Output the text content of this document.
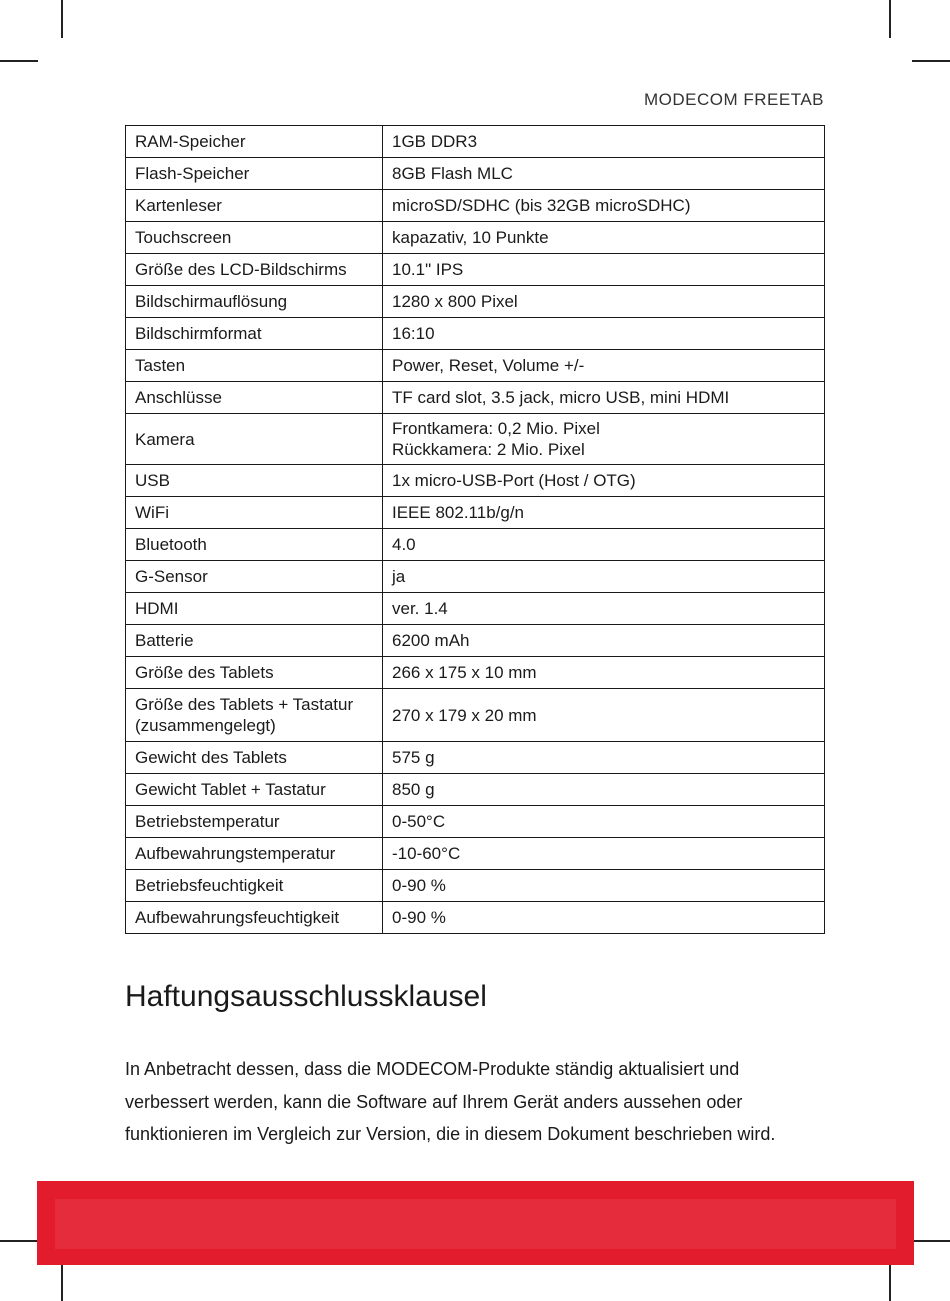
MODECOM FREETAB
RAM-Speicher	1GB DDR3
Flash-Speicher	8GB Flash MLC
Kartenleser	microSD/SDHC (bis 32GB microSDHC)
Touchscreen	kapazativ, 10 Punkte
Größe des LCD-Bildschirms	10.1" IPS
Bildschirmauflösung	1280 x 800 Pixel
Bildschirmformat	16:10
Tasten	Power, Reset, Volume +/-
Anschlüsse	TF card slot, 3.5 jack, micro USB, mini HDMI
Kamera	Frontkamera: 0,2 Mio. Pixel
Rückkamera: 2 Mio. Pixel

USB	1x micro-USB-Port (Host / OTG)
WiFi	IEEE 802.11b/g/n
Bluetooth	4.0
G-Sensor	ja
HDMI	ver. 1.4
Batterie	6200 mAh
Größe des Tablets	266 x 175 x 10 mm
Größe des Tablets + Tastatur (zusammengelegt)	270 x 179 x 20 mm
Gewicht des Tablets	575 g
Gewicht Tablet + Tastatur	850 g
Betriebstemperatur	0-50°C
Aufbewahrungstemperatur	-10-60°C
Betriebsfeuchtigkeit	0-90 %
Aufbewahrungsfeuchtigkeit	0-90 %
Haftungsausschlussklausel
In Anbetracht dessen, dass die MODECOM-Produkte ständig aktualisiert und verbessert werden, kann die Software auf Ihrem Gerät anders aussehen oder funktionieren im Vergleich zur Version, die in diesem Dokument beschrieben wird.
